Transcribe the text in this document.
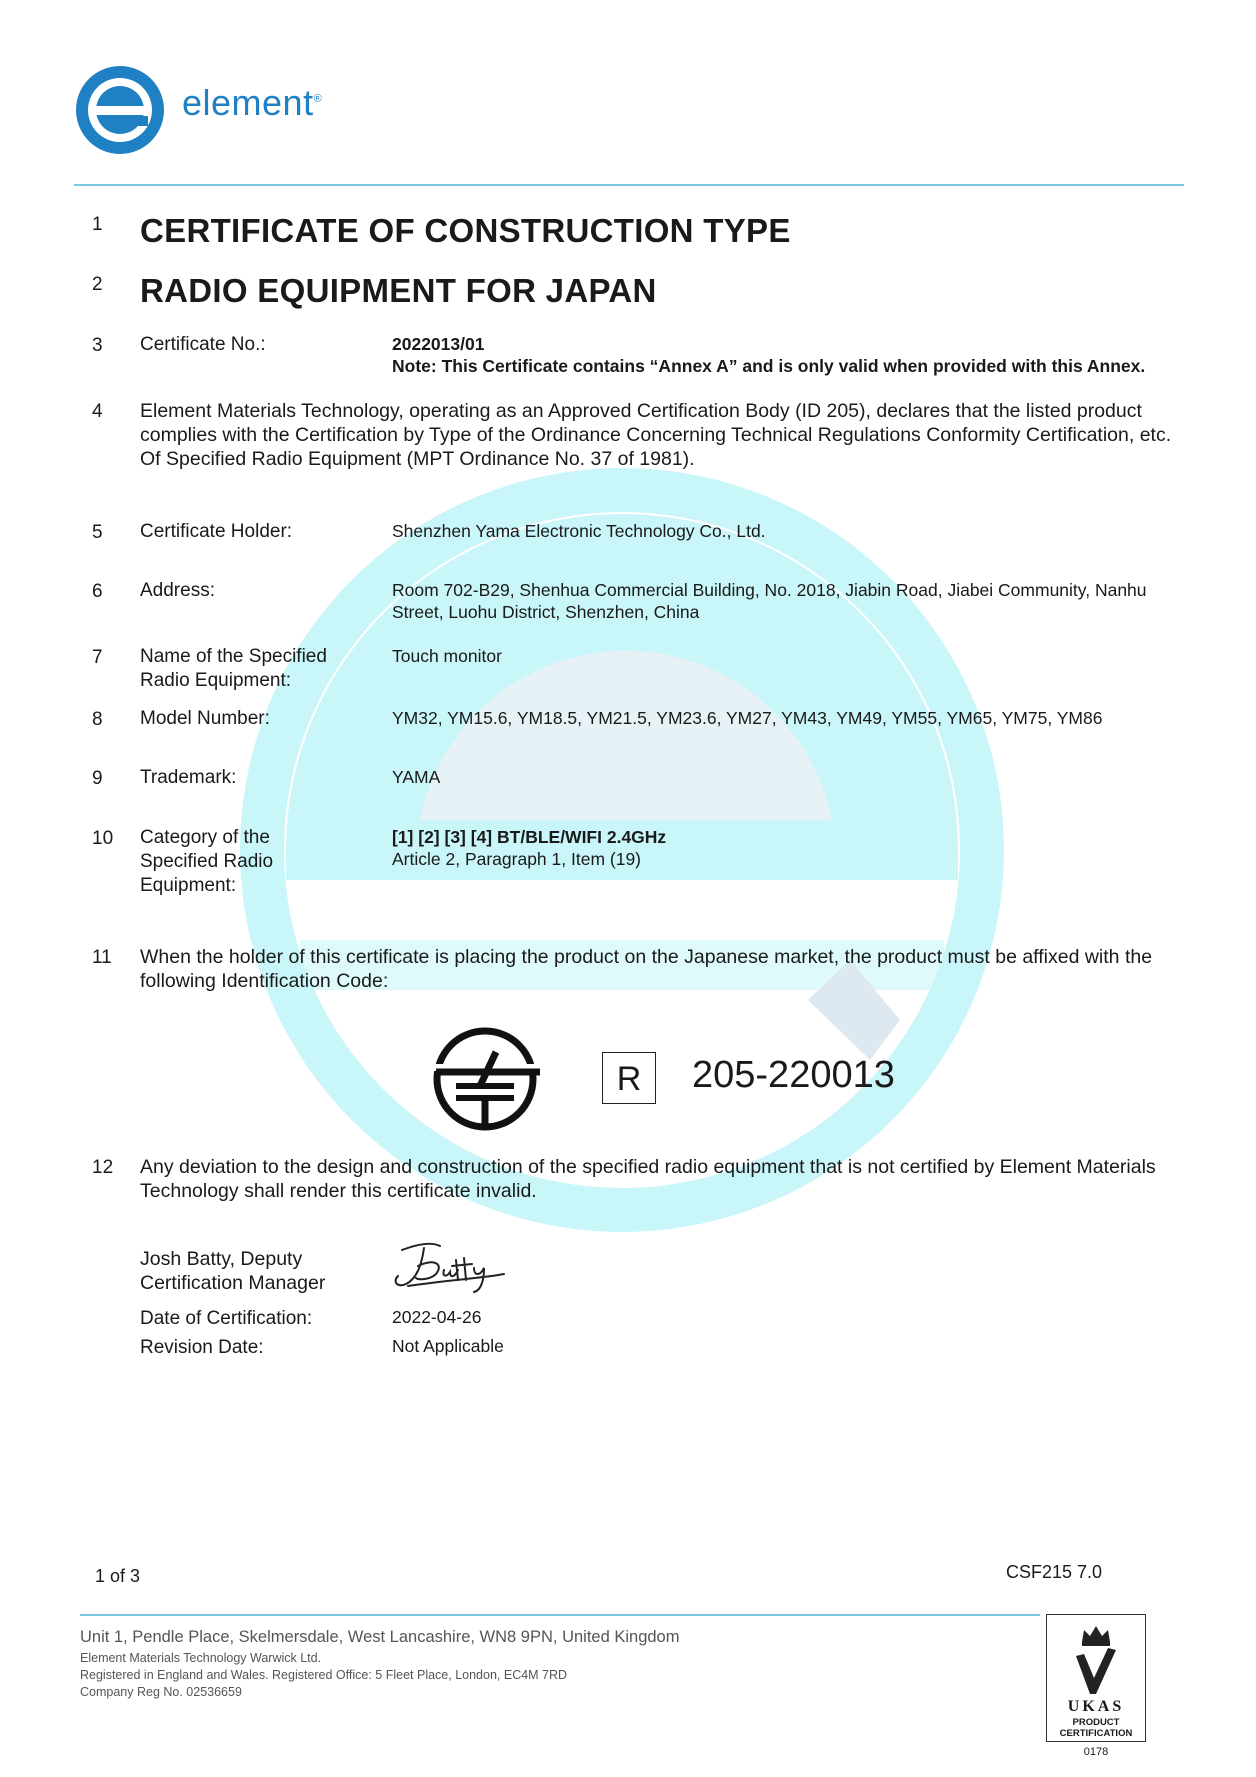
element®
1 CERTIFICATE OF CONSTRUCTION TYPE
2 RADIO EQUIPMENT FOR JAPAN
3 Certificate No.:	2022013/01
Note: This Certificate contains “Annex A” and is only valid when provided with this Annex.
4 Element Materials Technology, operating as an Approved Certification Body (ID 205), declares that the listed product complies with the Certification by Type of the Ordinance Concerning Technical Regulations Conformity Certification, etc. Of Specified Radio Equipment (MPT Ordinance No. 37 of 1981).
5 Certificate Holder:	Shenzhen Yama Electronic Technology Co., Ltd.
6 Address:	Room 702-B29, Shenhua Commercial Building, No. 2018, Jiabin Road, Jiabei Community, Nanhu Street, Luohu District, Shenzhen, China
7 Name of the Specified Radio Equipment:
Touch monitor
8 Model Number:	YM32, YM15.6, YM18.5, YM21.5, YM23.6, YM27, YM43, YM49, YM55, YM65, YM75, YM86
9 Trademark:	YAMA
10 Category of the Specified Radio Equipment:
[1] [2] [3] [4] BT/BLE/WIFI 2.4GHz
Article 2, Paragraph 1, Item (19)
11 When the holder of this certificate is placing the product on the Japanese market, the product must be affixed with the following Identification Code:
R	205-220013
12 Any deviation to the design and construction of the specified radio equipment that is not certified by Element Materials Technology shall render this certificate invalid.
Josh Batty, Deputy Certification Manager
Date of Certification:	2022-04-26
Revision Date:	Not Applicable
1 of 3	CSF215 7.0
Unit 1, Pendle Place, Skelmersdale, West Lancashire, WN8 9PN, United Kingdom
Element Materials Technology Warwick Ltd.
Registered in England and Wales. Registered Office: 5 Fleet Place, London, EC4M 7RD
Company Reg No. 02536659
UKAS
PRODUCT
CERTIFICATION
0178
